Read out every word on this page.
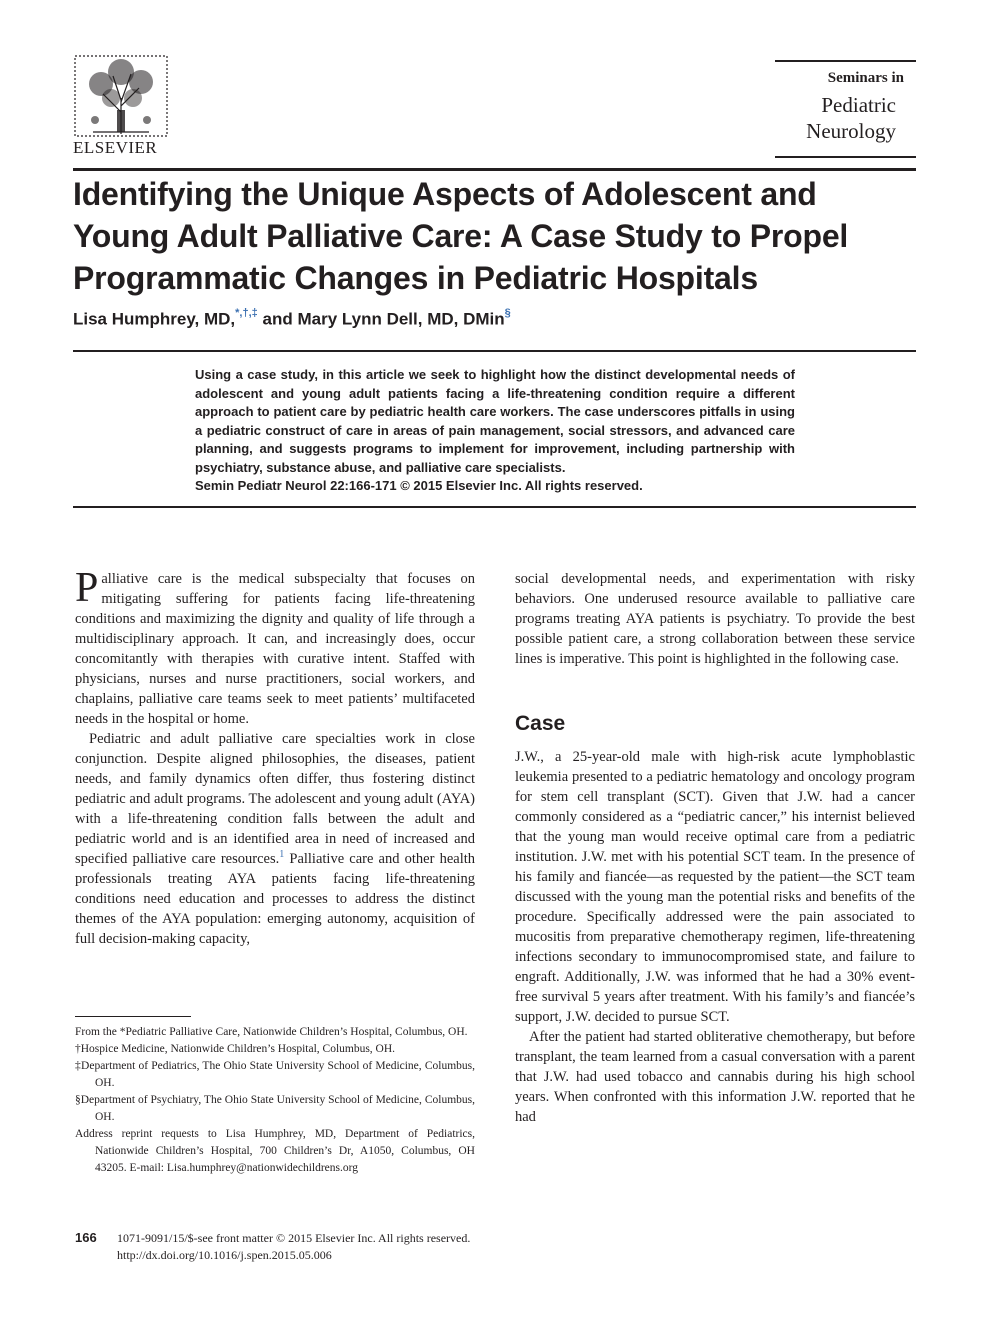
ELSEVIER
Seminars in
Pediatric
Neurology
Identifying the Unique Aspects of Adolescent and Young Adult Palliative Care: A Case Study to Propel Programmatic Changes in Pediatric Hospitals
Lisa Humphrey, MD,*,†,‡ and Mary Lynn Dell, MD, DMin§

Using a case study, in this article we seek to highlight how the distinct developmental needs of adolescent and young adult patients facing a life-threatening condition require a different approach to patient care by pediatric health care workers. The case underscores pitfalls in using a pediatric construct of care in areas of pain management, social stressors, and advanced care planning, and suggests programs to implement for improvement, including partnership with psychiatry, substance abuse, and palliative care specialists.

Semin Pediatr Neurol 22:166-171 © 2015 Elsevier Inc. All rights reserved.

Palliative care is the medical subspecialty that focuses on mitigating suffering for patients facing life-threatening conditions and maximizing the dignity and quality of life through a multidisciplinary approach. It can, and increasingly does, occur concomitantly with therapies with curative intent. Staffed with physicians, nurses and nurse practitioners, social workers, and chaplains, palliative care teams seek to meet patients’ multifaceted needs in the hospital or home.

Pediatric and adult palliative care specialties work in close conjunction. Despite aligned philosophies, the diseases, patient needs, and family dynamics often differ, thus fostering distinct pediatric and adult programs. The adolescent and young adult (AYA) with a life-threatening condition falls between the adult and pediatric world and is an identified area in need of increased and specified palliative care resources.$^1$ Palliative care and other health professionals treating AYA patients facing life-threatening conditions need education and processes to address the distinct themes of the AYA population: emerging autonomy, acquisition of full decision-making capacity,

From the *Pediatric Palliative Care, Nationwide Children’s Hospital, Columbus, OH.

†Hospice Medicine, Nationwide Children’s Hospital, Columbus, OH.

‡Department of Pediatrics, The Ohio State University School of Medicine, Columbus, OH.

§Department of Psychiatry, The Ohio State University School of Medicine, Columbus, OH.

Address reprint requests to Lisa Humphrey, MD, Department of Pediatrics, Nationwide Children’s Hospital, 700 Children’s Dr, A1050, Columbus, OH 43205. E-mail: Lisa.humphrey@nationwidechildrens.org

social developmental needs, and experimentation with risky behaviors. One underused resource available to palliative care programs treating AYA patients is psychiatry. To provide the best possible patient care, a strong collaboration between these service lines is imperative. This point is highlighted in the following case.

Case

J.W., a 25-year-old male with high-risk acute lymphoblastic leukemia presented to a pediatric hematology and oncology program for stem cell transplant (SCT). Given that J.W. had a cancer commonly considered as a “pediatric cancer,” his internist believed that the young man would receive optimal care from a pediatric institution. J.W. met with his potential SCT team. In the presence of his family and fiancée—as requested by the patient—the SCT team discussed with the young man the potential risks and benefits of the procedure. Specifically addressed were the pain associated to mucositis from preparative chemotherapy regimen, life-threatening infections secondary to immunocompromised state, and failure to engraft. Additionally, J.W. was informed that he had a 30% event-free survival 5 years after treatment. With his family’s and fiancée’s support, J.W. decided to pursue SCT.

After the patient had started obliterative chemotherapy, but before transplant, the team learned from a casual conversation with a parent that J.W. had used tobacco and cannabis during his high school years. When confronted with this information J.W. reported that he had

166 1071-9091/15/$-see front matter © 2015 Elsevier Inc. All rights reserved.
http://dx.doi.org/10.1016/j.spen.2015.05.006
